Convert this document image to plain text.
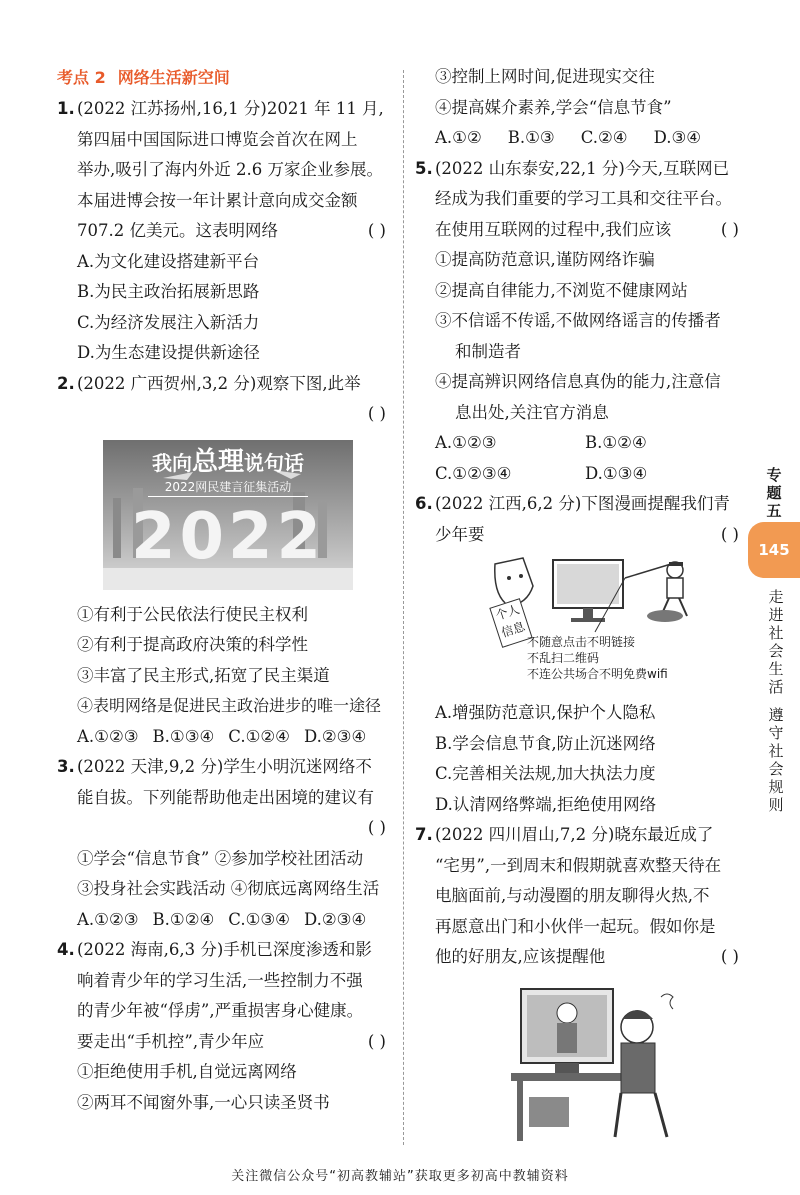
考点 2 网络生活新空间
1. (2022 江苏扬州,16,1 分)2021 年 11 月,
第四届中国国际进口博览会首次在网上
举办,吸引了海内外近 2.6 万家企业参展。
本届进博会按一年计累计意向成交金额
707.2 亿美元。这表明网络	( )
A.为文化建设搭建新平台
B.为民主政治拓展新思路
C.为经济发展注入新活力
D.为生态建设提供新途径
2. (2022 广西贺州,3,2 分)观察下图,此举
( )
我向总理说句话
2022网民建言征集活动
2022
①有利于公民依法行使民主权利
②有利于提高政府决策的科学性
③丰富了民主形式,拓宽了民主渠道
④表明网络是促进民主政治进步的唯一途径
A.①②③ B.①③④ C.①②④ D.②③④
3. (2022 天津,9,2 分)学生小明沉迷网络不
能自拔。下列能帮助他走出困境的建议有
( )
①学会“信息节食” ②参加学校社团活动
③投身社会实践活动 ④彻底远离网络生活
A.①②③ B.①②④ C.①③④ D.②③④
4. (2022 海南,6,3 分)手机已深度渗透和影
响着青少年的学习生活,一些控制力不强
的青少年被“俘虏”,严重损害身心健康。
要走出“手机控”,青少年应	( )
①拒绝使用手机,自觉远离网络
②两耳不闻窗外事,一心只读圣贤书
③控制上网时间,促进现实交往
④提高媒介素养,学会“信息节食”
A.①② B.①③ C.②④ D.③④
5. (2022 山东泰安,22,1 分)今天,互联网已
经成为我们重要的学习工具和交往平台。
在使用互联网的过程中,我们应该	( )
①提高防范意识,谨防网络诈骗
②提高自律能力,不浏览不健康网站
③不信谣不传谣,不做网络谣言的传播者
和制造者
④提高辨识网络信息真伪的能力,注意信
息出处,关注官方消息
A.①②③	B.①②④
C.①②③④	D.①③④
6. (2022 江西,6,2 分)下图漫画提醒我们青
少年要	( )
个人信息
不随意点击不明链接
不乱扫二维码
不连公共场合不明免费wifi
A.增强防范意识,保护个人隐私
B.学会信息节食,防止沉迷网络
C.完善相关法规,加大执法力度
D.认清网络弊端,拒绝使用网络
7. (2022 四川眉山,7,2 分)晓东最近成了
“宅男”,一到周末和假期就喜欢整天待在
电脑面前,与动漫圈的朋友聊得火热,不
再愿意出门和小伙伴一起玩。假如你是
他的好朋友,应该提醒他	( )
专题五
145
走进社会生活
遵守社会规则
关注微信公众号“初高教辅站”获取更多初高中教辅资料
